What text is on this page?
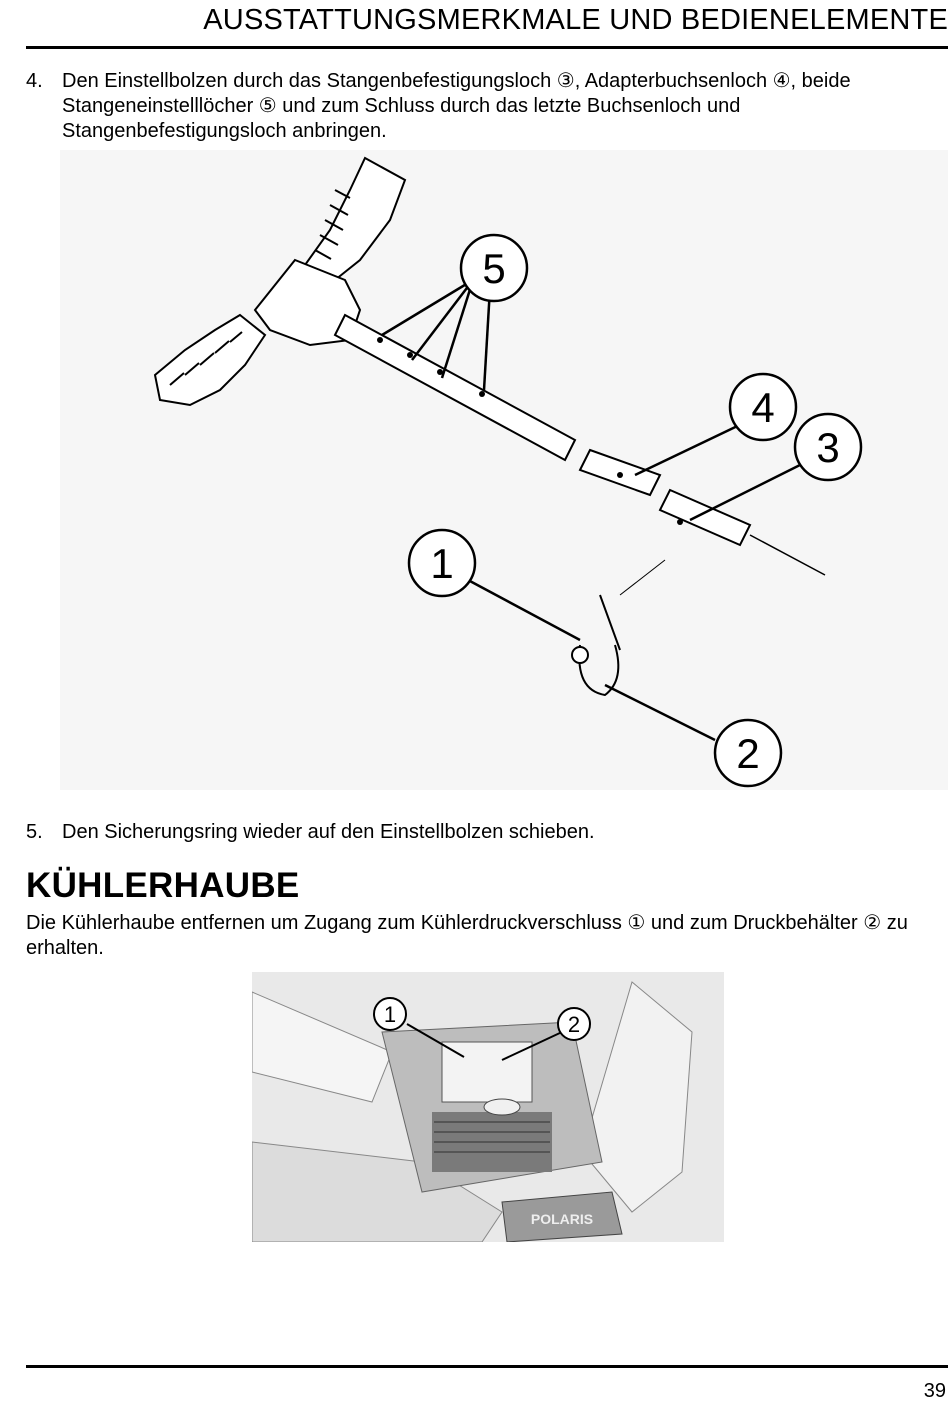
AUSSTATTUNGSMERKMALE UND BEDIENELEMENTE
4. Den Einstellbolzen durch das Stangenbefestigungsloch ③, Adapterbuchsenloch ④, beide Stangeneinstelllöcher ⑤ und zum Schluss durch das letzte Buchsenloch und Stangenbefestigungsloch anbringen.
5
4
3
1
2
5. Den Sicherungsring wieder auf den Einstellbolzen schieben.
KÜHLERHAUBE
Die Kühlerhaube entfernen um Zugang zum Kühlerdruckverschluss ① und zum Druckbehälter ② zu erhalten.
POLARIS
1	2
39
